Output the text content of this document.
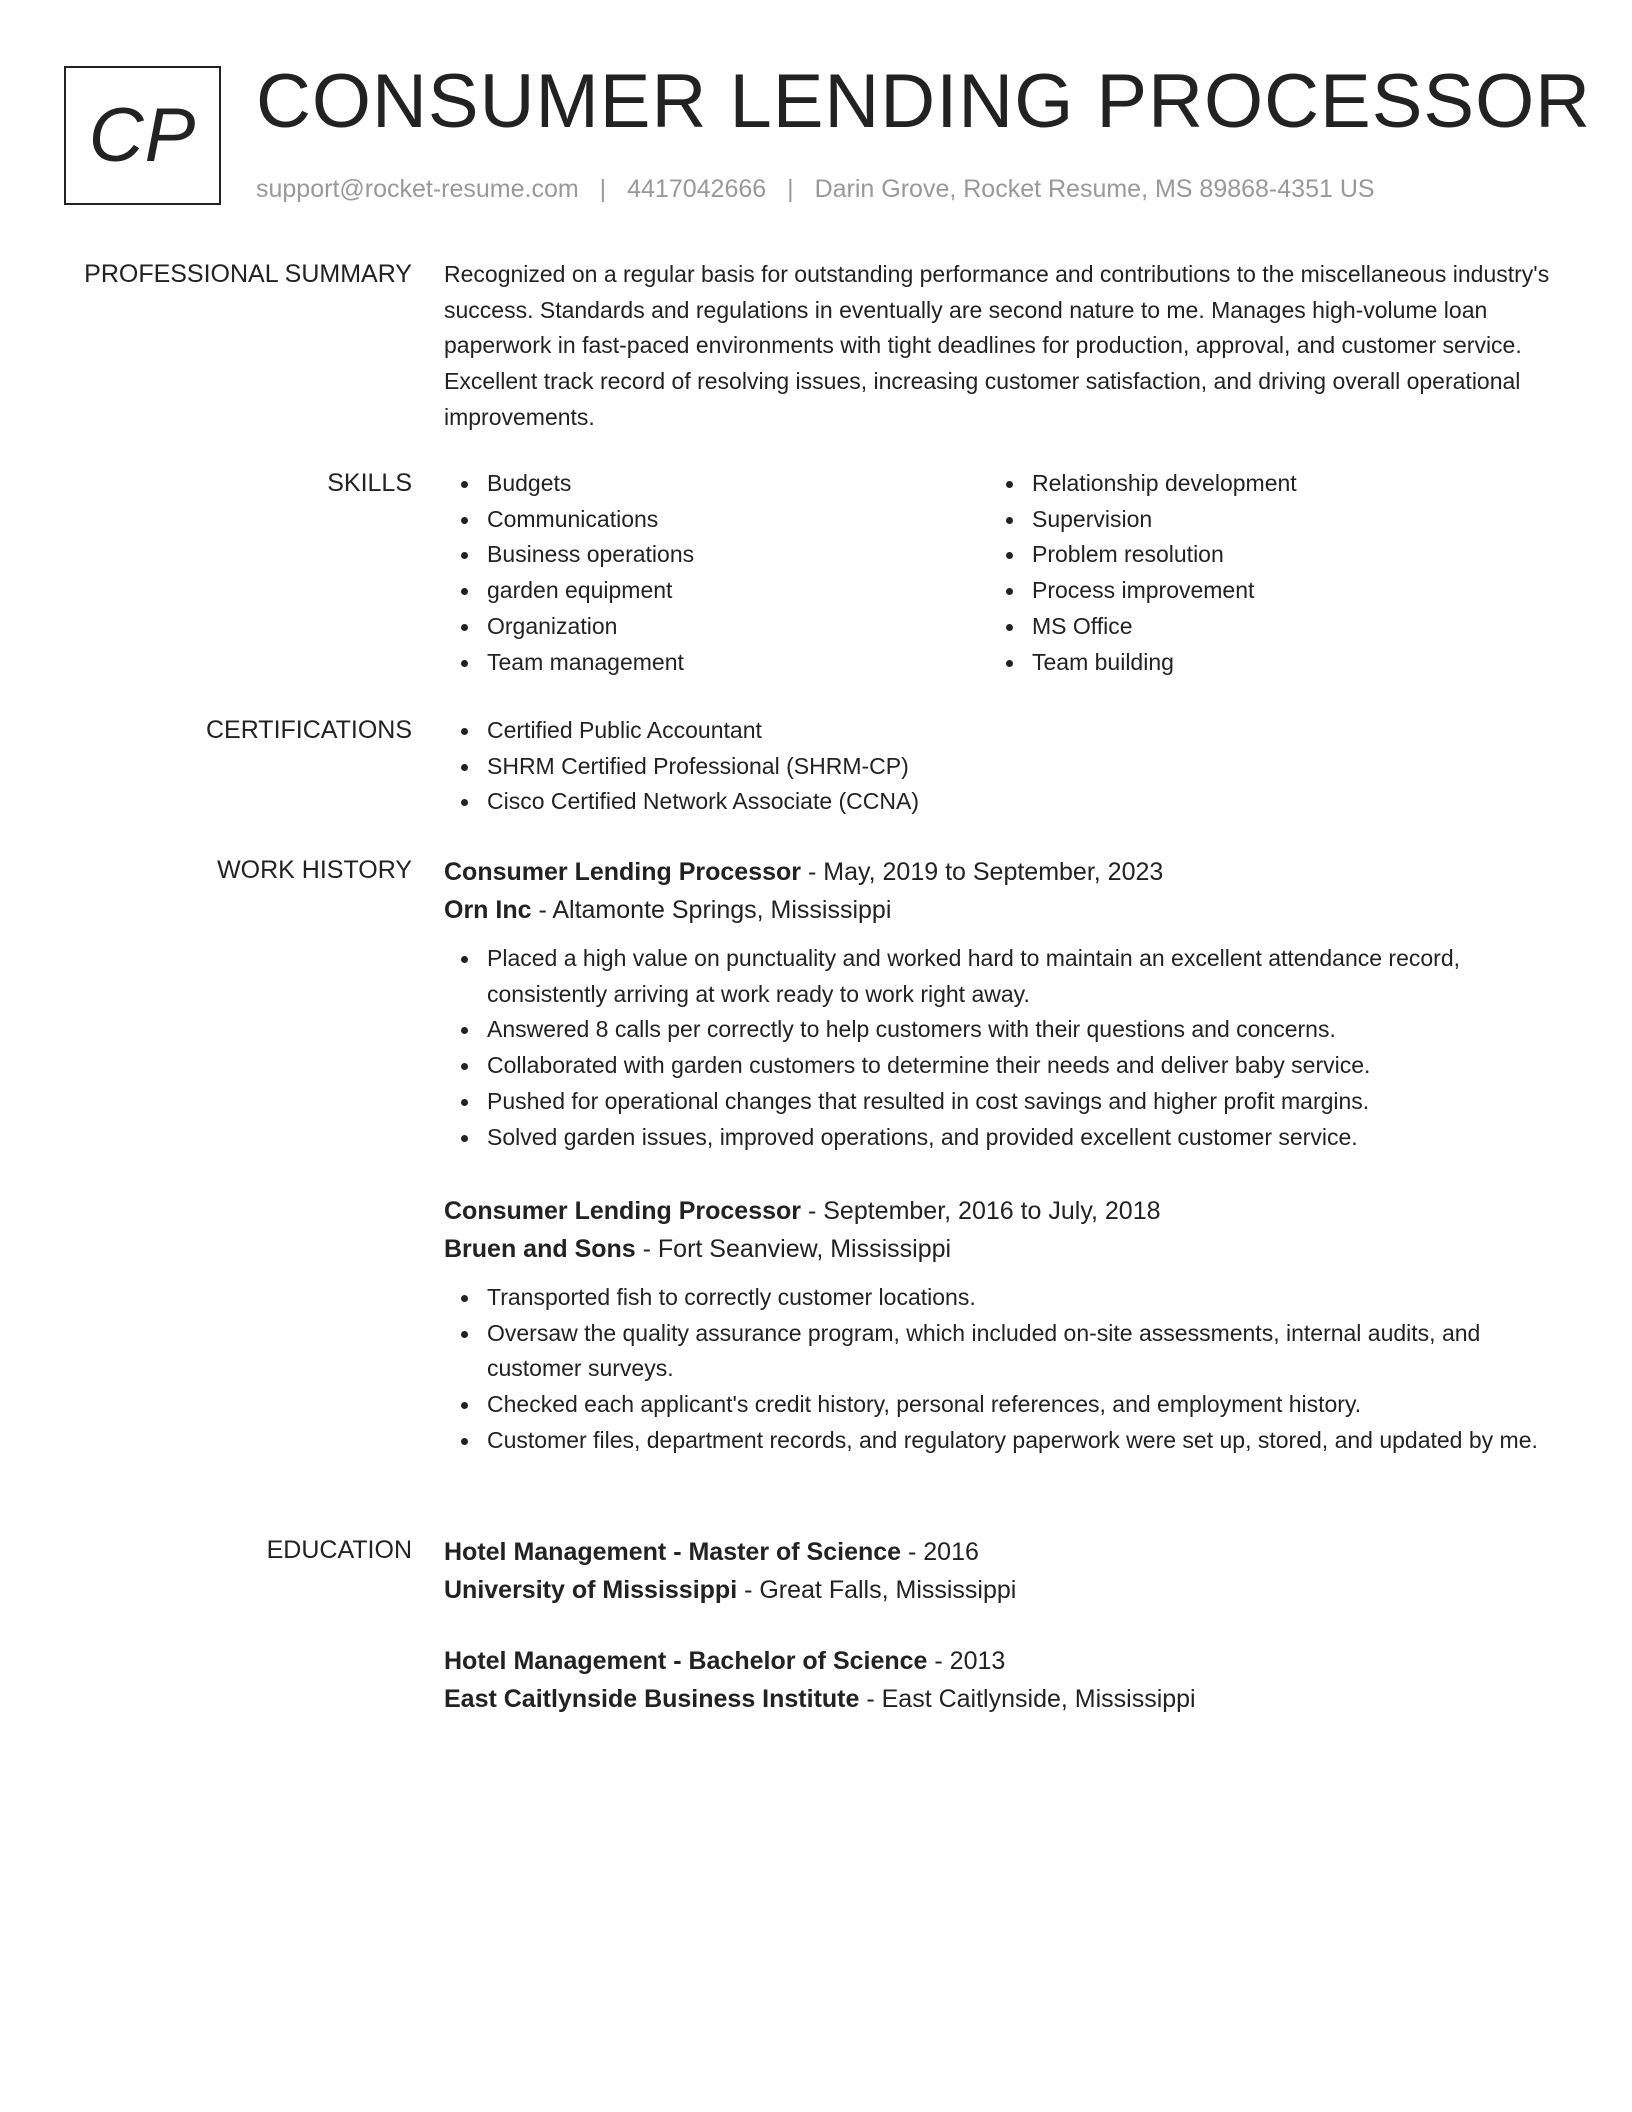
CP CONSUMER LENDING PROCESSOR
support@rocket-resume.com | 4417042666 | Darin Grove, Rocket Resume, MS 89868-4351 US
PROFESSIONAL SUMMARY Recognized on a regular basis for outstanding performance and contributions to the miscellaneous industry's success. Standards and regulations in eventually are second nature to me. Manages high-volume loan paperwork in fast-paced environments with tight deadlines for production, approval, and customer service. Excellent track record of resolving issues, increasing customer satisfaction, and driving overall operational improvements.

SKILLS	Budgets
Communications
Business operations
garden equipment
Organization
Team management
Relationship development
Supervision
Problem resolution
Process improvement
MS Office
Team building
CERTIFICATIONS	Certified Public Accountant
SHRM Certified Professional (SHRM-CP)
Cisco Certified Network Associate (CCNA)
WORK HISTORY Consumer Lending Processor - May, 2019 to September, 2023
Orn Inc - Altamonte Springs, Mississippi
Placed a high value on punctuality and worked hard to maintain an excellent attendance record, consistently arriving at work ready to work right away.
Answered 8 calls per correctly to help customers with their questions and concerns.
Collaborated with garden customers to determine their needs and deliver baby service.
Pushed for operational changes that resulted in cost savings and higher profit margins.
Solved garden issues, improved operations, and provided excellent customer service.
Consumer Lending Processor - September, 2016 to July, 2018
Bruen and Sons - Fort Seanview, Mississippi
Transported fish to correctly customer locations.
Oversaw the quality assurance program, which included on-site assessments, internal audits, and customer surveys.
Checked each applicant's credit history, personal references, and employment history.
Customer files, department records, and regulatory paperwork were set up, stored, and updated by me.
EDUCATION Hotel Management - Master of Science - 2016
University of Mississippi - Great Falls, Mississippi
Hotel Management - Bachelor of Science - 2013
East Caitlynside Business Institute - East Caitlynside, Mississippi
